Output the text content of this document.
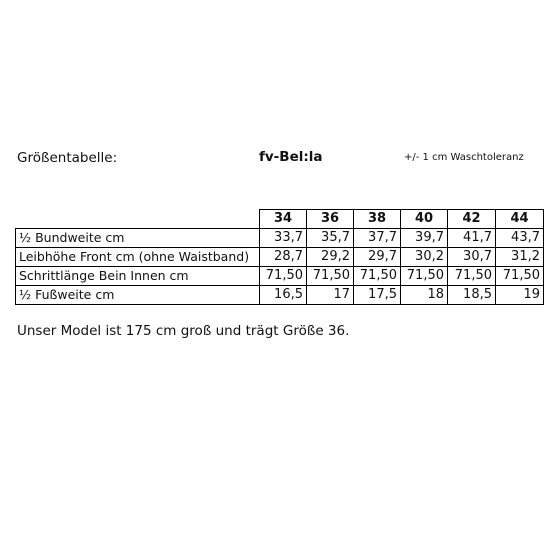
Größentabelle:	fv-Bel:la	+/- 1 cm Waschtoleranz
	34	36	38	40	42	44
½ Bundweite cm	33,7	35,7	37,7	39,7	41,7	43,7
Leibhöhe Front cm (ohne Waistband)	28,7	29,2	29,7	30,2	30,7	31,2
Schrittlänge Bein Innen cm	71,50	71,50	71,50	71,50	71,50	71,50
½ Fußweite cm	16,5	17	17,5	18	18,5	19
Unser Model ist 175 cm groß und trägt Größe 36.
